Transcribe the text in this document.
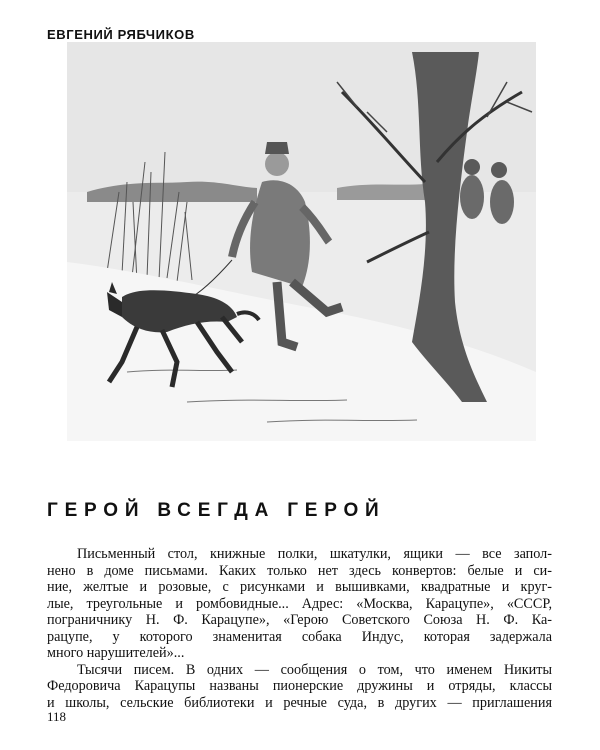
ЕВГЕНИЙ РЯБЧИКОВ
ГЕРОЙ ВСЕГДА ГЕРОЙ
Письменный стол, книжные полки, шкатулки, ящики — все запол-
нено в доме письмами. Каких только нет здесь конвертов: белые и си-
ние, желтые и розовые, с рисунками и вышивками, квадратные и круг-
лые, треугольные и ромбовидные... Адрес: «Москва, Карацупе», «СССР,
пограничнику Н. Ф. Карацупе», «Герою Советского Союза Н. Ф. Ка-
рацупе, у которого знаменитая собака Индус, которая задержала
много нарушителей»...
Тысячи писем. В одних — сообщения о том, что именем Никиты
Федоровича Карацупы названы пионерские дружины и отряды, классы
и школы, сельские библиотеки и речные суда, в других — приглашения
118
